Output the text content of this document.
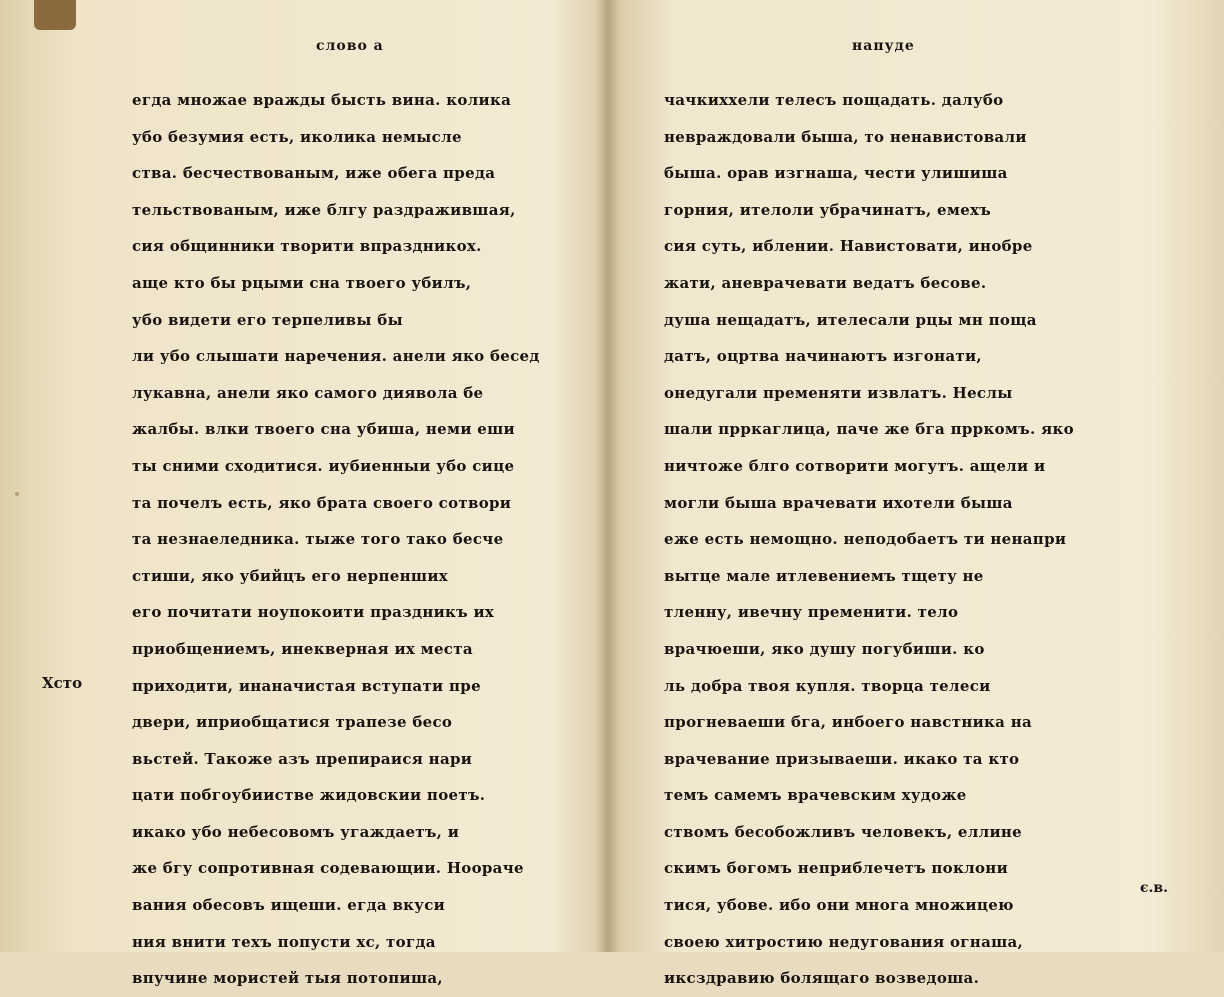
слово а	напуде
егда множае вражды бысть вина. колика
убо безумия есть, иколика немысле
ства. бесчествованым, иже обега преда
тельствованым, иже блгу раздражившая,
сия общинники творити впраздникох.
аще кто бы рцыми сна твоего убилъ,
убо видети его терпеливы бы
ли убо слышати наречения. анели яко бесед
лукавна, анели яко самого диявола бе
жалбы. влки твоего сна убиша, неми еши
ты сними сходитися. иубиенныи убо сице
та почелъ есть, яко брата своего сотвори
та незнаеледника. тыже того тако бесче
стиши, яко убийцъ его нерпенших
его почитати ноупокоити праздникъ их
приобщениемъ, инекверная их места
приходити, инаначистая вступати пре
двери, иприобщатися трапезе бесо
вьстей. Такоже азъ препираися нари
цати побгоубиистве жидовскии поетъ.
икако убо небесовомъ угаждаетъ, и
же бгу сопротивная содевающии. Ноораче
вания обесовъ ищеши. егда вкуси
ния внити техъ попусти хс, тогда
впучине мористей тыя потопиша,
чачкиххели телесъ пощадать. далубо
невраждовали быша, то ненавистовали
быша. орав изгнаша, чести улишиша
горния, ителоли убрачинатъ, емехъ
сия суть, иблении. Навистовати, инобре
жати, аневрачевати ведатъ бесове.
душа нещадатъ, ителесали рцы мн поща
датъ, оцртва начинаютъ изгонати,
онедугали пременяти извлатъ. Неслы
шали прркаглица, паче же бга прркомъ. яко
ничтоже блго сотворити могутъ. ащели и
могли быша врачевати ихотели быша
еже есть немощно. неподобаетъ ти ненапри
вытце мале итлевениемъ тщету не
тленну, ивечну пременити. тело
врачюеши, яко душу погубиши. ко
ль добра твоя купля. творца телеси
прогневаеши бга, инбоего навстника на
врачевание призываеши. икако та кто
темъ самемъ врачевским художе
ствомъ бесобожливъ человекъ, еллине
скимъ богомъ неприблечетъ поклони
тися, убове. ибо они многа множицею
своею хитростию недугования огнаша,
иксздравию болящаго возведоша.
Хсто
є.в.
